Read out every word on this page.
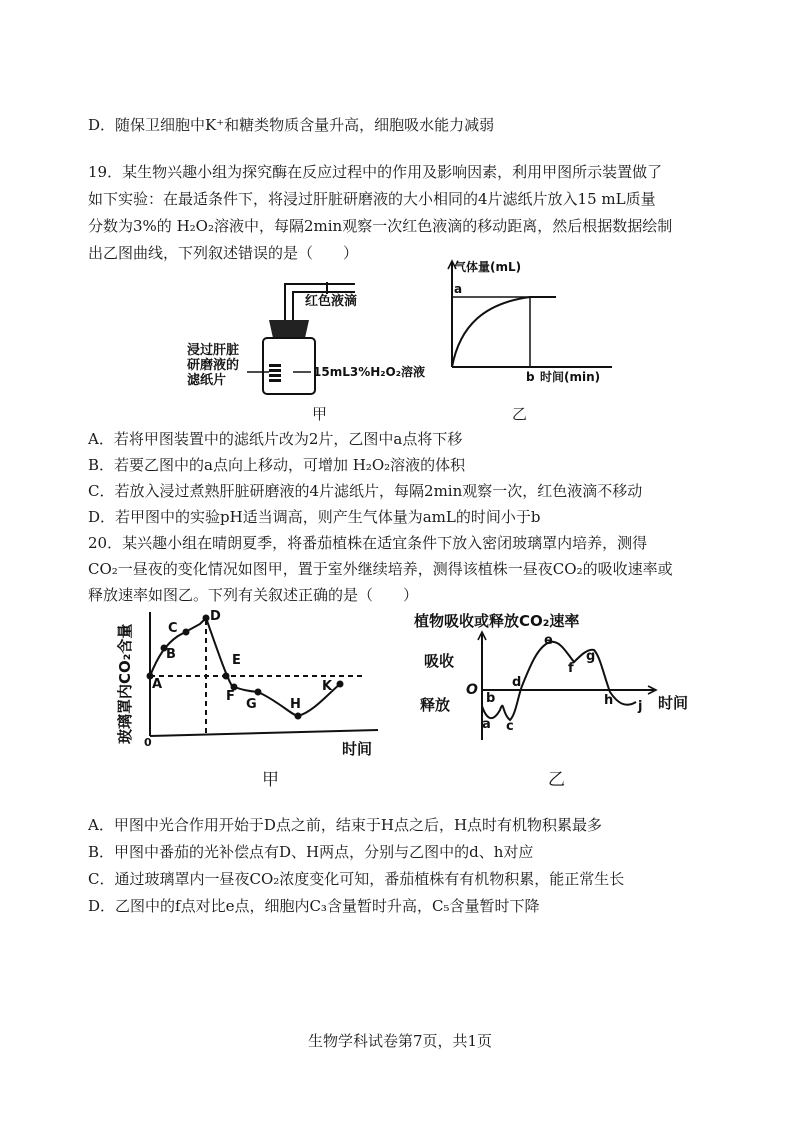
D．随保卫细胞中K⁺和糖类物质含量升高，细胞吸水能力减弱
19．某生物兴趣小组为探究酶在反应过程中的作用及影响因素，利用甲图所示装置做了
如下实验：在最适条件下，将浸过肝脏研磨液的大小相同的4片滤纸片放入15 mL质量
分数为3%的 H₂O₂溶液中，每隔2min观察一次红色液滴的移动距离，然后根据数据绘制
出乙图曲线，下列叙述错误的是（　　）
红色液滴
浸过肝脏
研磨液的
滤纸片
15mL3%H₂O₂溶液
甲
气体量(mL)
a
b 时间(min)
乙
A．若将甲图装置中的滤纸片改为2片，乙图中a点将下移
B．若要乙图中的a点向上移动，可增加 H₂O₂溶液的体积
C．若放入浸过煮熟肝脏研磨液的4片滤纸片，每隔2min观察一次，红色液滴不移动
D．若甲图中的实验pH适当调高，则产生气体量为amL的时间小于b
20．某兴趣小组在晴朗夏季，将番茄植株在适宜条件下放入密闭玻璃罩内培养，测得
CO₂一昼夜的变化情况如图甲，置于室外继续培养，测得该植株一昼夜CO₂的吸收速率或
释放速率如图乙。下列有关叙述正确的是（　　）
A
B
C
D
E
F
G	H
K
0	时间
玻璃罩内CO₂含量
甲
植物吸收或释放CO₂速率
吸收
释放
O
时间
a
b
c
d
e
f
g
h j
乙
A．甲图中光合作用开始于D点之前，结束于H点之后，H点时有机物积累最多
B．甲图中番茄的光补偿点有D、H两点，分别与乙图中的d、h对应
C．通过玻璃罩内一昼夜CO₂浓度变化可知，番茄植株有有机物积累，能正常生长
D．乙图中的f点对比e点，细胞内C₃含量暂时升高，C₅含量暂时下降
生物学科试卷第7页，共1页
